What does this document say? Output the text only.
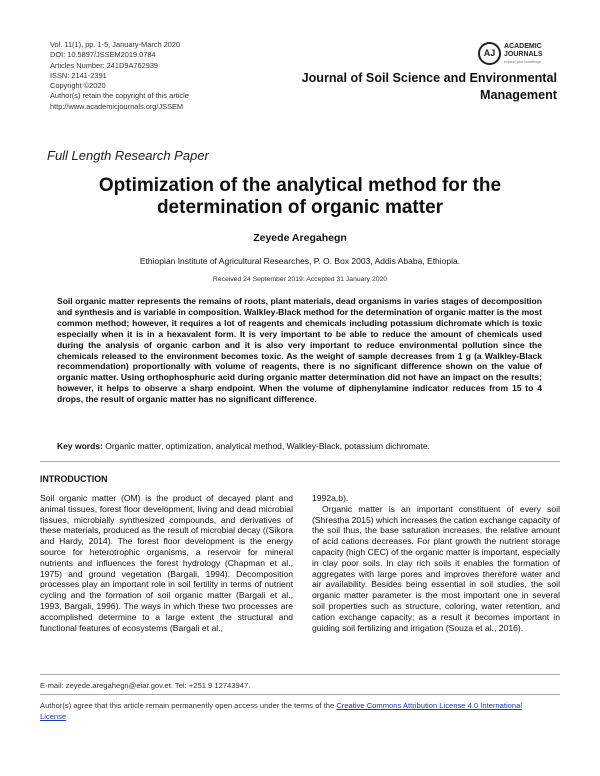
Vol. 11(1), pp. 1-5, January-March 2020
DOI: 10.5897/JSSEM2019.0784
Articles Number: 241D9A762939
ISSN: 2141-2391
Copyright ©2020
Author(s) retain the copyright of this article
http://www.academicjournals.org/JSSEM
AJ
ACADEMIC
JOURNALS
expand your knowledge
Journal of Soil Science and Environmental
Management
Full Length Research Paper
Optimization of the analytical method for the
determination of organic matter
Zeyede Aregahegn
Ethiopian Institute of Agricultural Researches, P. O. Box 2003, Addis Ababa, Ethiopia.
Received 24 September 2019; Accepted 31 January 2020
Soil organic matter represents the remains of roots, plant materials, dead organisms in varies stages of decomposition and synthesis and is variable in composition. Walkley-Black method for the determination of organic matter is the most common method; however, it requires a lot of reagents and chemicals including potassium dichromate which is toxic especially when it is in a hexavalent form. It is very important to be able to reduce the amount of chemicals used during the analysis of organic carbon and it is also very important to reduce environmental pollution since the chemicals released to the environment becomes toxic. As the weight of sample decreases from 1 g (a Walkley-Black recommendation) proportionally with volume of reagents, there is no significant difference shown on the value of organic matter. Using orthophosphuric acid during organic matter determination did not have an impact on the results; however, it helps to observe a sharp endpoint. When the volume of diphenylamine indicator reduces from 15 to 4 drops, the result of organic matter has no significant difference.
Key words: Organic matter, optimization, analytical method, Walkley-Black, potassium dichromate.
INTRODUCTION

Soil organic matter (OM) is the product of decayed plant and animal tissues, forest floor development, living and dead microbial tissues, microbially synthesized compounds, and derivatives of these materials, produced as the result of microbial decay ((Sikora and Hardy, 2014). The forest floor development is the energy source for heterotrophic organisms, a reservoir for mineral nutrients and influences the forest hydrology (Chapman et al., 1975) and ground vegetation (Bargali, 1994). Decomposition processes play an important role in soil fertility in terms of nutrient cycling and the formation of soil organic matter (Bargali et al., 1993, Bargali, 1996). The ways in which these two processes are accomplished determine to a large extent the structural and functional features of ecosystems (Bargali et al.,

1992a,b).

Organic matter is an important constituent of every soil (Shrestha 2015) which increases the cation exchange capacity of the soil thus, the base saturation increases, the relative amount of acid cations decreases. For plant growth the nutrient storage capacity (high CEC) of the organic matter is important, especially in clay poor soils. In clay rich soils it enables the formation of aggregates with large pores and improves therefore water and air availability. Besides being essential in soil studies, the soil organic matter parameter is the most important one in several soil properties such as structure, coloring, water retention, and cation exchange capacity; as a result it becomes important in guiding soil fertilizing and irrigation (Souza et al., 2016).

E-mail: zeyede.aregahegn@eiar.gov.et. Tel: +251 9 12743947.
Author(s) agree that this article remain permanently open access under the terms of the Creative Commons Attribution License 4.0 International License
